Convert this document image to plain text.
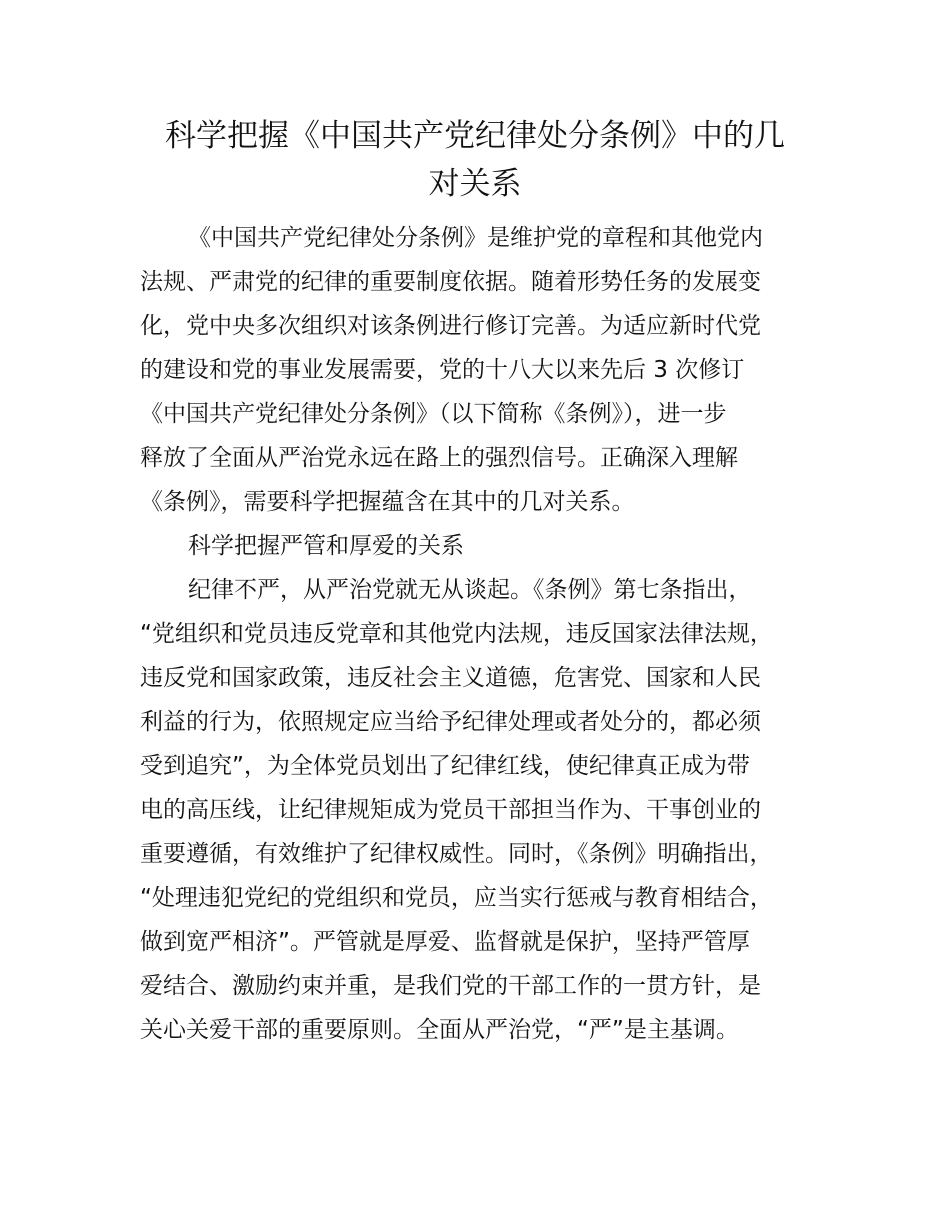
科学把握《中国共产党纪律处分条例》中的几
对关系
《中国共产党纪律处分条例》是维护党的章程和其他党内
法规、严肃党的纪律的重要制度依据。随着形势任务的发展变
化，党中央多次组织对该条例进行修订完善。为适应新时代党
的建设和党的事业发展需要，党的十八大以来先后 3 次修订
《中国共产党纪律处分条例》（以下简称《条例》），进一步
释放了全面从严治党永远在路上的强烈信号。正确深入理解
《条例》，需要科学把握蕴含在其中的几对关系。
科学把握严管和厚爱的关系
纪律不严，从严治党就无从谈起。《条例》第七条指出，
“党组织和党员违反党章和其他党内法规，违反国家法律法规，
违反党和国家政策，违反社会主义道德，危害党、国家和人民
利益的行为，依照规定应当给予纪律处理或者处分的，都必须
受到追究”，为全体党员划出了纪律红线，使纪律真正成为带
电的高压线，让纪律规矩成为党员干部担当作为、干事创业的
重要遵循，有效维护了纪律权威性。同时，《条例》明确指出，
“处理违犯党纪的党组织和党员，应当实行惩戒与教育相结合，
做到宽严相济”。严管就是厚爱、监督就是保护，坚持严管厚
爱结合、激励约束并重，是我们党的干部工作的一贯方针，是
关心关爱干部的重要原则。全面从严治党，“严”是主基调。
